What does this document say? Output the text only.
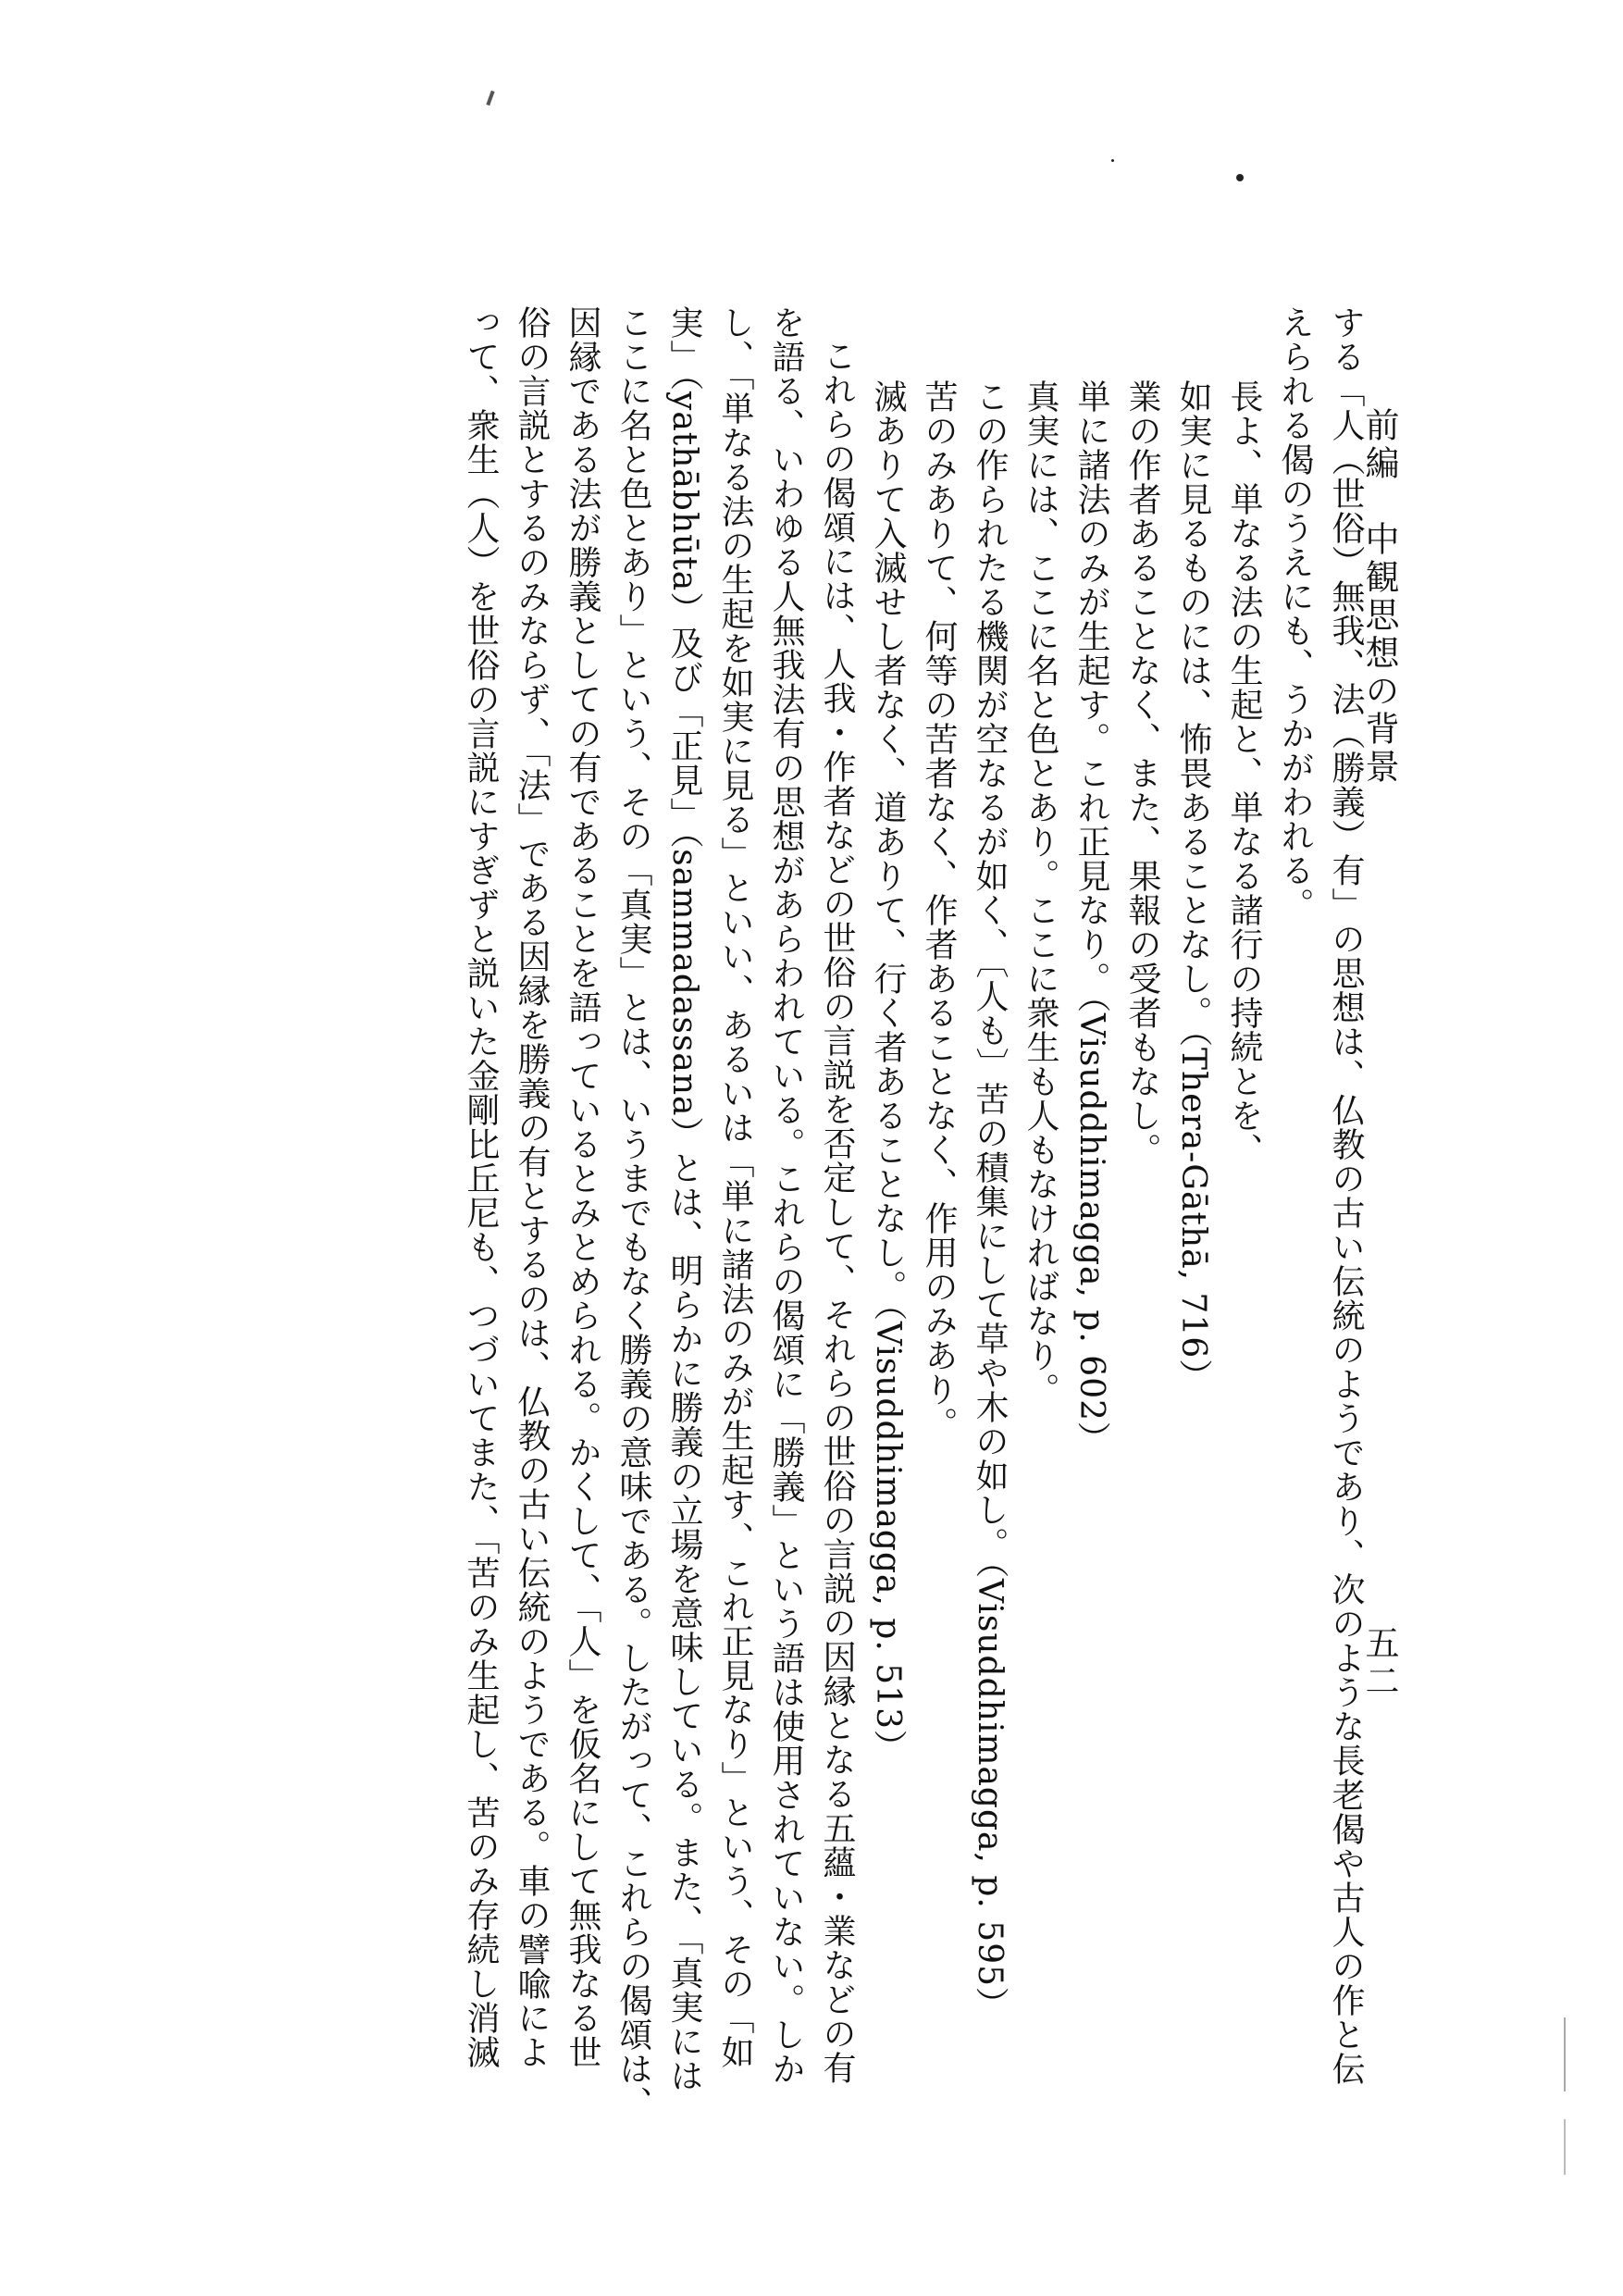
前編　中観思想の背景
五二

する「人（世俗）無我、法（勝義）有」の思想は、仏教の古い伝統のようであり、次のような長老偈や古人の作と伝

えられる偈のうえにも、うかがわれる。

長よ、単なる法の生起と、単なる諸行の持続とを、

如実に見るものには、怖畏あることなし。（Thera-Gāthā, 716）

業の作者あることなく、また、果報の受者もなし。

単に諸法のみが生起す。これ正見なり。（Visuddhimagga, p. 602）

真実には、ここに名と色とあり。ここに衆生も人もなければなり。

この作られたる機関が空なるが如く、〔人も〕苦の積集にして草や木の如し。（Visuddhimagga, p. 595）

苦のみありて、何等の苦者なく、作者あることなく、作用のみあり。

滅ありて入滅せし者なく、道ありて、行く者あることなし。（Visuddhimagga, p. 513）

これらの偈頌には、人我・作者などの世俗の言説を否定して、それらの世俗の言説の因縁となる五蘊・業などの有

を語る、いわゆる人無我法有の思想があらわれている。これらの偈頌に「勝義」という語は使用されていない。しか

し、「単なる法の生起を如実に見る」といい、あるいは「単に諸法のみが生起す、これ正見なり」という、その「如

実」（yathābhūta）及び「正見」（sammadassana）とは、明らかに勝義の立場を意味している。また、「真実には

ここに名と色とあり」という、その「真実」とは、いうまでもなく勝義の意味である。したがって、これらの偈頌は、

因縁である法が勝義としての有であることを語っているとみとめられる。かくして、「人」を仮名にして無我なる世

俗の言説とするのみならず、「法」である因縁を勝義の有とするのは、仏教の古い伝統のようである。車の譬喩によ

って、衆生（人）を世俗の言説にすぎずと説いた金剛比丘尼も、つづいてまた、「苦のみ生起し、苦のみ存続し消滅
